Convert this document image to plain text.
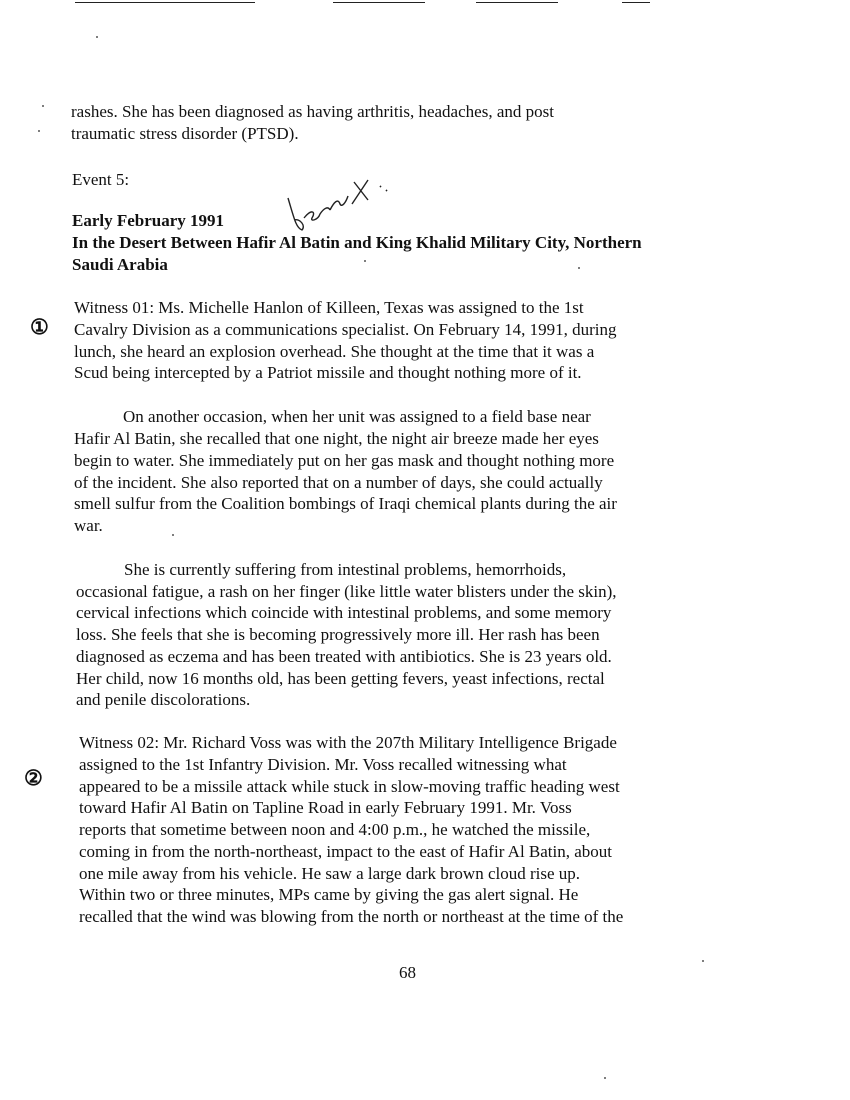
rashes. She has been diagnosed as having arthritis, headaches, and post
traumatic stress disorder (PTSD).
Event 5:
Early February 1991
In the Desert Between Hafir Al Batin and King Khalid Military City, Northern
Saudi Arabia
①
Witness 01: Ms. Michelle Hanlon of Killeen, Texas was assigned to the 1st
Cavalry Division as a communications specialist. On February 14, 1991, during
lunch, she heard an explosion overhead. She thought at the time that it was a
Scud being intercepted by a Patriot missile and thought nothing more of it.
On another occasion, when her unit was assigned to a field base near
Hafir Al Batin, she recalled that one night, the night air breeze made her eyes
begin to water. She immediately put on her gas mask and thought nothing more
of the incident. She also reported that on a number of days, she could actually
smell sulfur from the Coalition bombings of Iraqi chemical plants during the air
war.
She is currently suffering from intestinal problems, hemorrhoids,
occasional fatigue, a rash on her finger (like little water blisters under the skin),
cervical infections which coincide with intestinal problems, and some memory
loss. She feels that she is becoming progressively more ill. Her rash has been
diagnosed as eczema and has been treated with antibiotics. She is 23 years old.
Her child, now 16 months old, has been getting fevers, yeast infections, rectal
and penile discolorations.
②
Witness 02: Mr. Richard Voss was with the 207th Military Intelligence Brigade
assigned to the 1st Infantry Division. Mr. Voss recalled witnessing what
appeared to be a missile attack while stuck in slow-moving traffic heading west
toward Hafir Al Batin on Tapline Road in early February 1991. Mr. Voss
reports that sometime between noon and 4:00 p.m., he watched the missile,
coming in from the north-northeast, impact to the east of Hafir Al Batin, about
one mile away from his vehicle. He saw a large dark brown cloud rise up.
Within two or three minutes, MPs came by giving the gas alert signal. He
recalled that the wind was blowing from the north or northeast at the time of the
68
